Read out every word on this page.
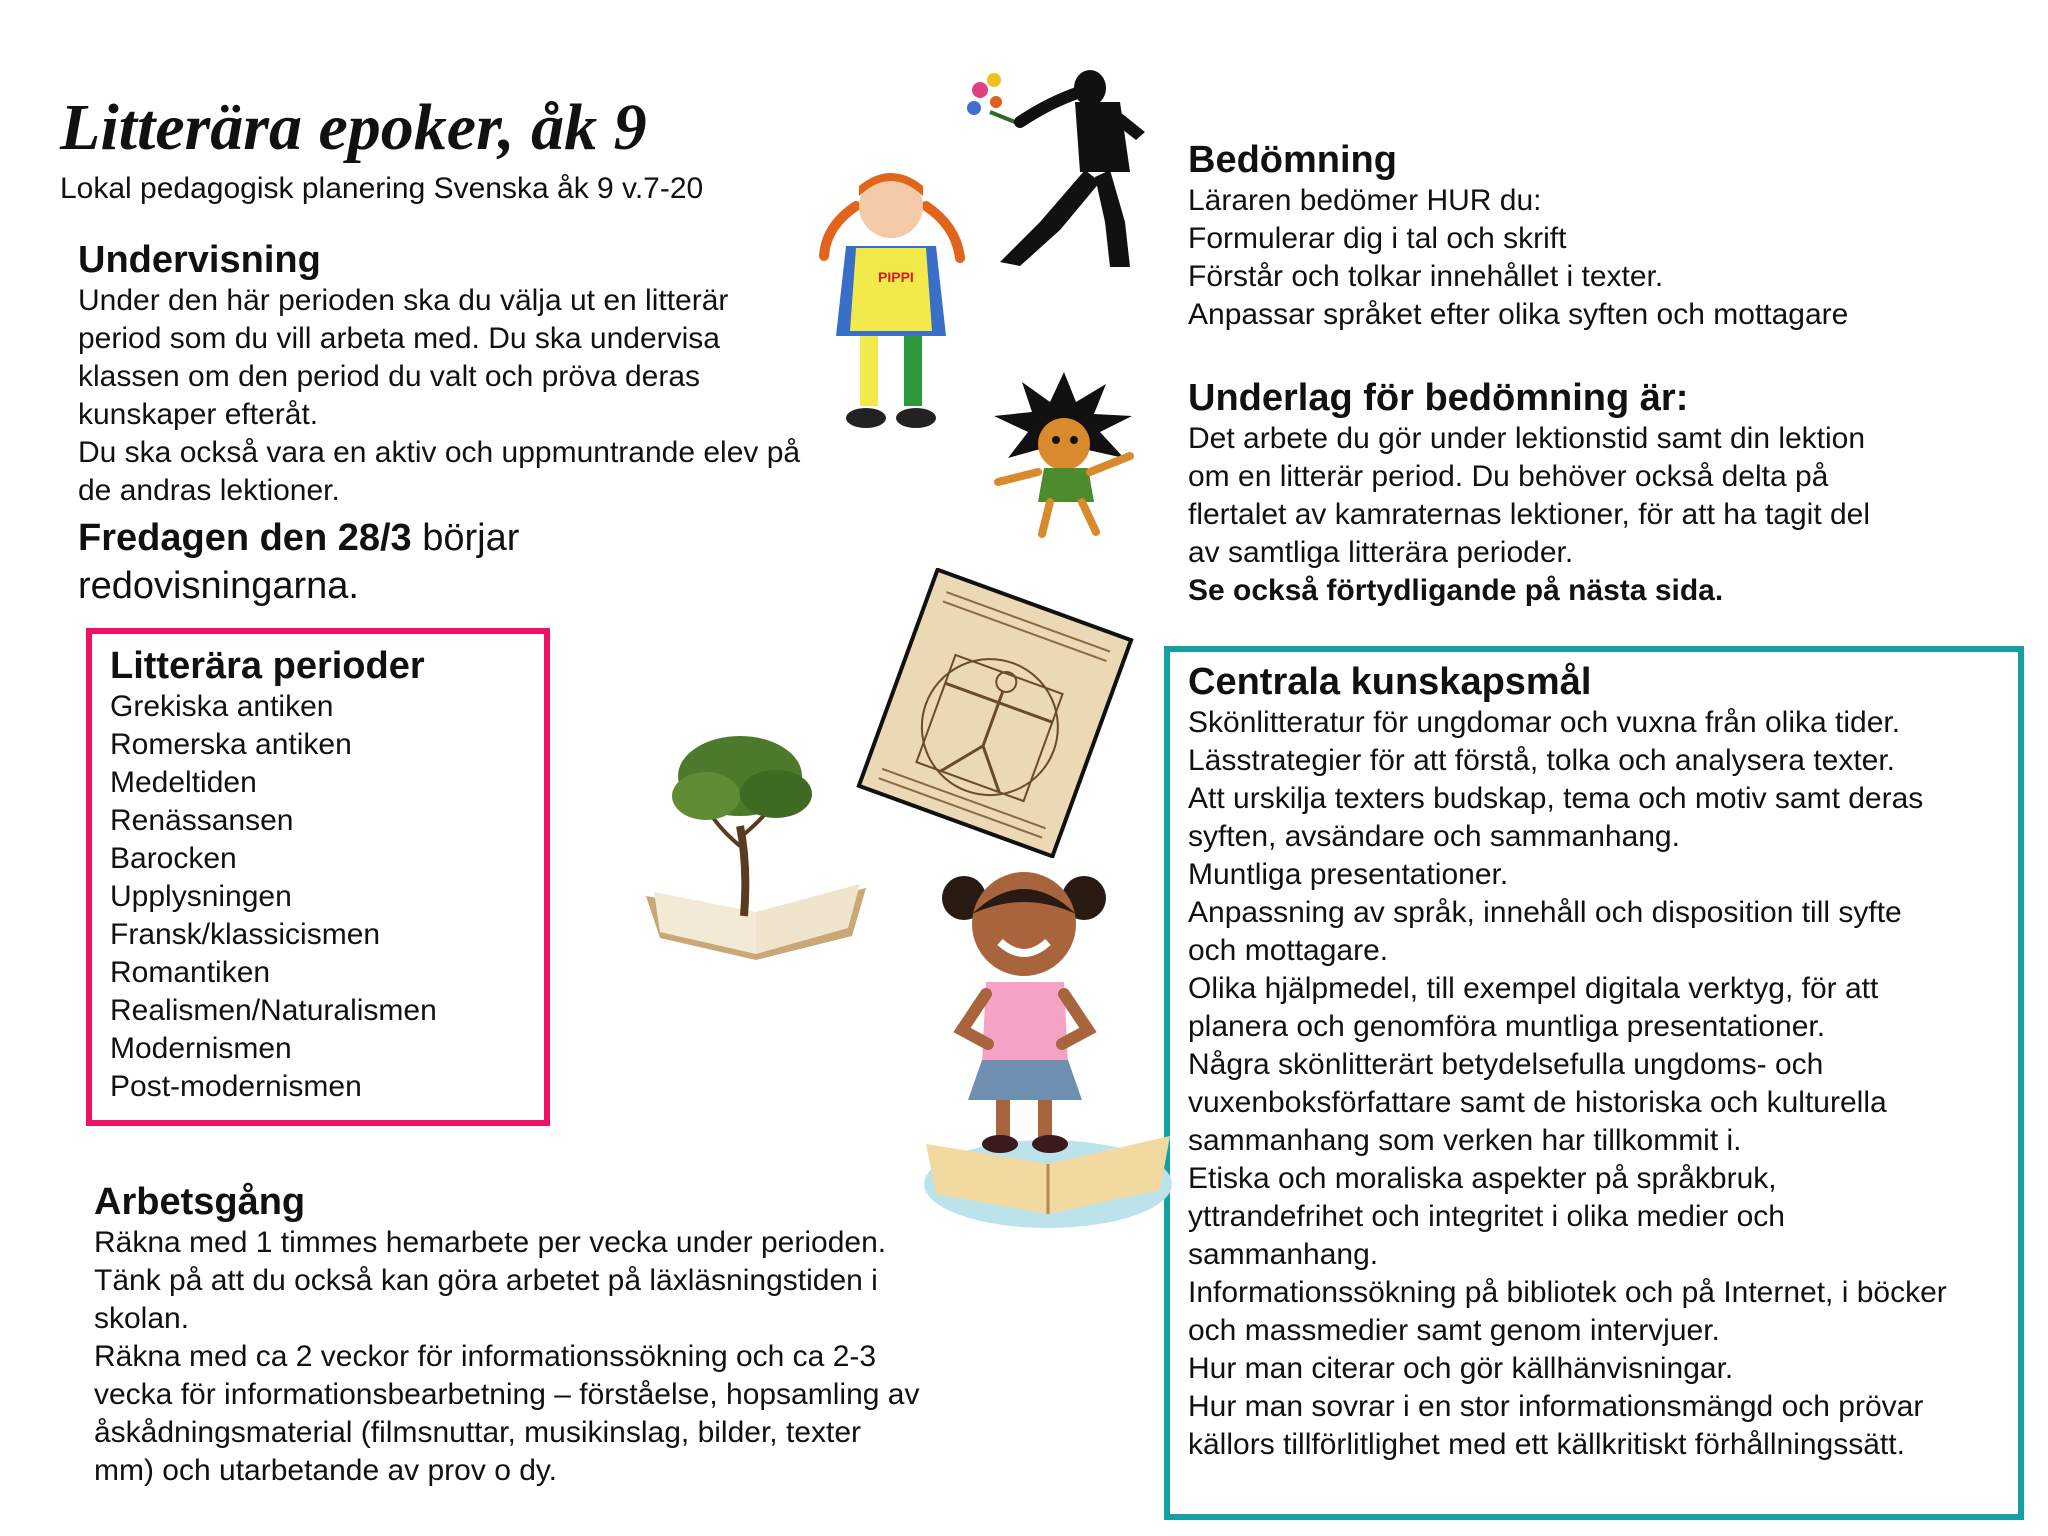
Litterära epoker, åk 9
Lokal pedagogisk planering Svenska åk 9 v.7-20
Undervisning
Under den här perioden ska du välja ut en litterär
period som du vill arbeta med. Du ska undervisa
klassen om den period du valt och pröva deras
kunskaper efteråt.
Du ska också vara en aktiv och uppmuntrande elev på
de andras lektioner.
Fredagen den 28/3 börjar
redovisningarna.
Litterära perioder
Grekiska antiken
Romerska antiken
Medeltiden
Renässansen
Barocken
Upplysningen
Fransk/klassicismen
Romantiken
Realismen/Naturalismen
Modernismen
Post-modernismen
Arbetsgång
Räkna med 1 timmes hemarbete per vecka under perioden.
Tänk på att du också kan göra arbetet på läxläsningstiden i
skolan.
Räkna med ca 2 veckor för informationssökning och ca 2-3
vecka för informationsbearbetning – förståelse, hopsamling av
åskådningsmaterial (filmsnuttar, musikinslag, bilder, texter
mm) och utarbetande av prov o dy.
Bedömning
Läraren bedömer HUR du:
Formulerar dig i tal och skrift
Förstår och tolkar innehållet i texter.
Anpassar språket efter olika syften och mottagare
Underlag för bedömning är:
Det arbete du gör under lektionstid samt din lektion
om en litterär period. Du behöver också delta på
flertalet av kamraternas lektioner, för att ha tagit del
av samtliga litterära perioder.
Se också förtydligande på nästa sida.
Centrala kunskapsmål
Skönlitteratur för ungdomar och vuxna från olika tider.
Lässtrategier för att förstå, tolka och analysera texter.
Att urskilja texters budskap, tema och motiv samt deras
syften, avsändare och sammanhang.
Muntliga presentationer.
Anpassning av språk, innehåll och disposition till syfte
och mottagare.
Olika hjälpmedel, till exempel digitala verktyg, för att
planera och genomföra muntliga presentationer.
Några skönlitterärt betydelsefulla ungdoms- och
vuxenboksförfattare samt de historiska och kulturella
sammanhang som verken har tillkommit i.
Etiska och moraliska aspekter på språkbruk,
yttrandefrihet och integritet i olika medier och
sammanhang.
Informationssökning på bibliotek och på Internet, i böcker
och massmedier samt genom intervjuer.
Hur man citerar och gör källhänvisningar.
Hur man sovrar i en stor informationsmängd och prövar
källors tillförlitlighet med ett källkritiskt förhållningssätt.
PIPPI
